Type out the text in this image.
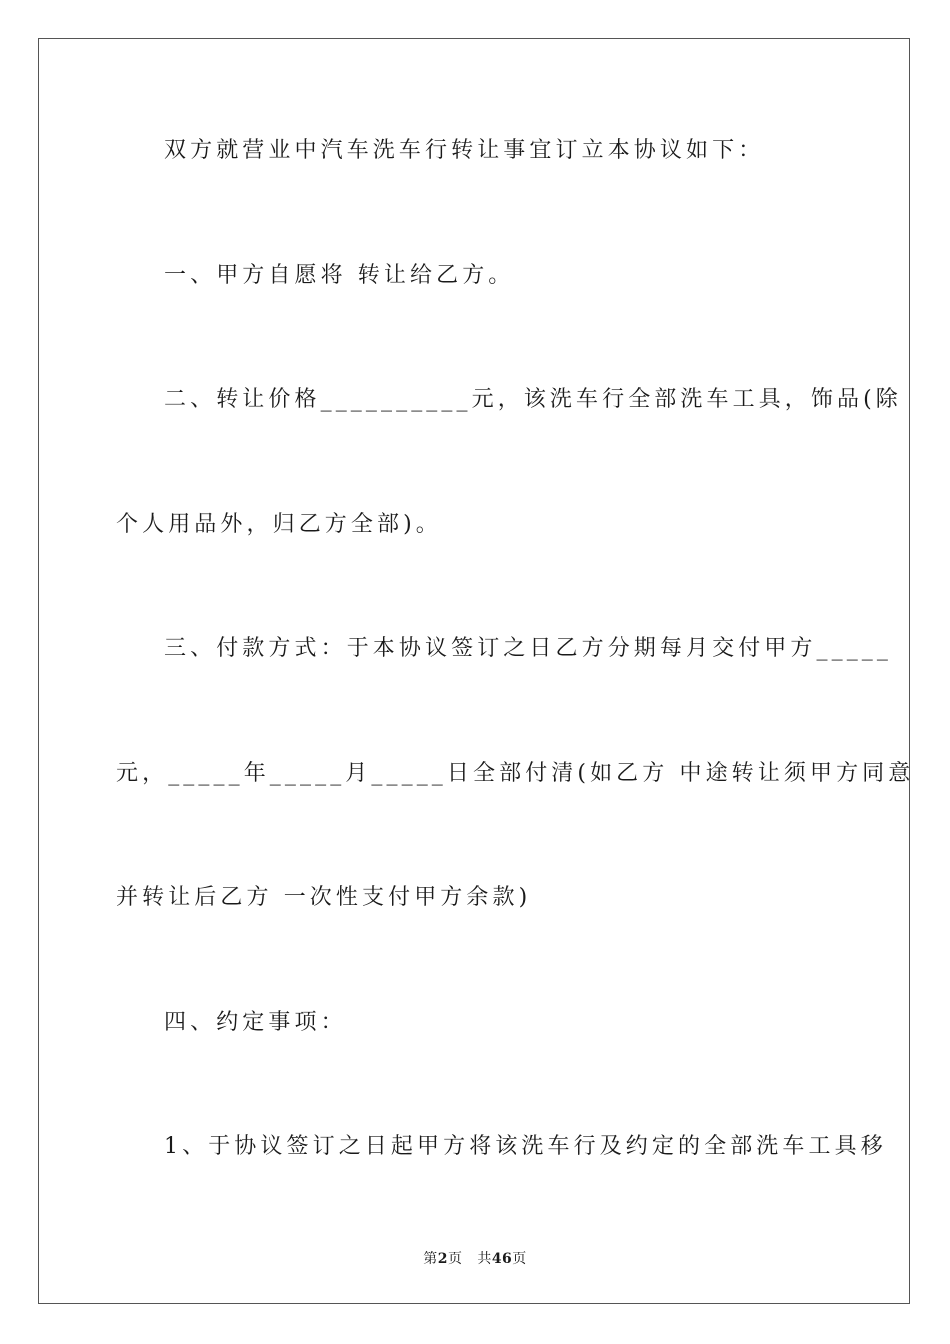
双方就营业中汽车洗车行转让事宜订立本协议如下：
一、甲方自愿将 转让给乙方。
二、转让价格__________元，该洗车行全部洗车工具，饰品(除
个人用品外，归乙方全部)。
三、付款方式：于本协议签订之日乙方分期每月交付甲方_____
元，_____年_____月_____日全部付清(如乙方 中途转让须甲方同意
并转让后乙方 一次性支付甲方余款)
四、约定事项：
1、于协议签订之日起甲方将该洗车行及约定的全部洗车工具移
第2页 共46页
